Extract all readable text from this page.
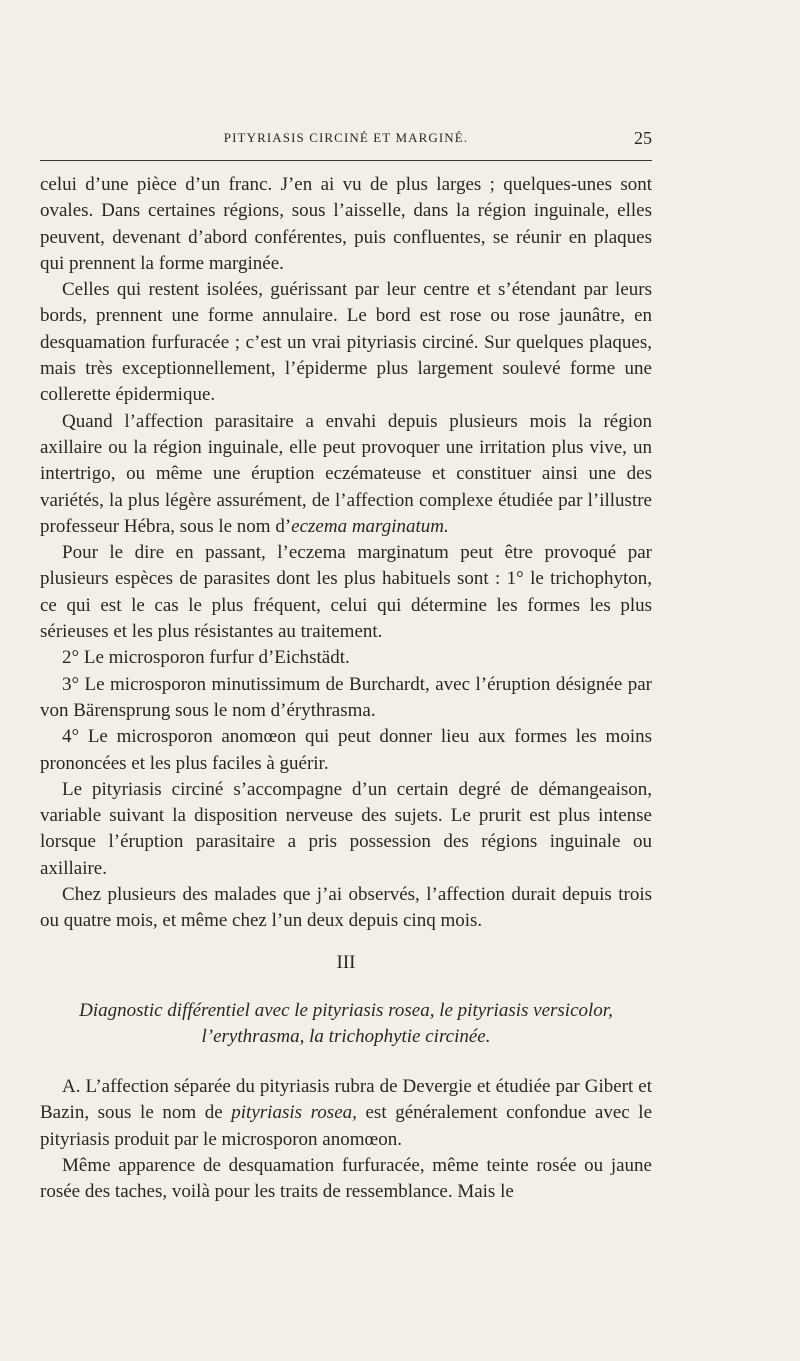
PITYRIASIS CIRCINÉ ET MARGINÉ.	25

celui d’une pièce d’un franc. J’en ai vu de plus larges ; quelques-unes sont ovales. Dans certaines régions, sous l’aisselle, dans la région inguinale, elles peuvent, devenant d’abord conférentes, puis confluentes, se réunir en plaques qui prennent la forme marginée.

Celles qui restent isolées, guérissant par leur centre et s’étendant par leurs bords, prennent une forme annulaire. Le bord est rose ou rose jaunâtre, en desquamation furfuracée ; c’est un vrai pityriasis circiné. Sur quelques plaques, mais très exceptionnellement, l’épiderme plus largement soulevé forme une collerette épidermique.

Quand l’affection parasitaire a envahi depuis plusieurs mois la région axillaire ou la région inguinale, elle peut provoquer une irritation plus vive, un intertrigo, ou même une éruption eczémateuse et constituer ainsi une des variétés, la plus légère assurément, de l’affection complexe étudiée par l’illustre professeur Hébra, sous le nom d’eczema marginatum.

Pour le dire en passant, l’eczema marginatum peut être provoqué par plusieurs espèces de parasites dont les plus habituels sont : 1° le trichophyton, ce qui est le cas le plus fréquent, celui qui détermine les formes les plus sérieuses et les plus résistantes au traitement.

2° Le microsporon furfur d’Eichstädt.

3° Le microsporon minutissimum de Burchardt, avec l’éruption désignée par von Bärensprung sous le nom d’érythrasma.

4° Le microsporon anomœon qui peut donner lieu aux formes les moins prononcées et les plus faciles à guérir.

Le pityriasis circiné s’accompagne d’un certain degré de démangeaison, variable suivant la disposition nerveuse des sujets. Le prurit est plus intense lorsque l’éruption parasitaire a pris possession des régions inguinale ou axillaire.

Chez plusieurs des malades que j’ai observés, l’affection durait depuis trois ou quatre mois, et même chez l’un deux depuis cinq mois.

III
Diagnostic différentiel avec le pityriasis rosea, le pityriasis versicolor,
l’erythrasma, la trichophytie circinée.

A. L’affection séparée du pityriasis rubra de Devergie et étudiée par Gibert et Bazin, sous le nom de pityriasis rosea, est généralement confondue avec le pityriasis produit par le microsporon anomœon.

Même apparence de desquamation furfuracée, même teinte rosée ou jaune rosée des taches, voilà pour les traits de ressemblance. Mais le
